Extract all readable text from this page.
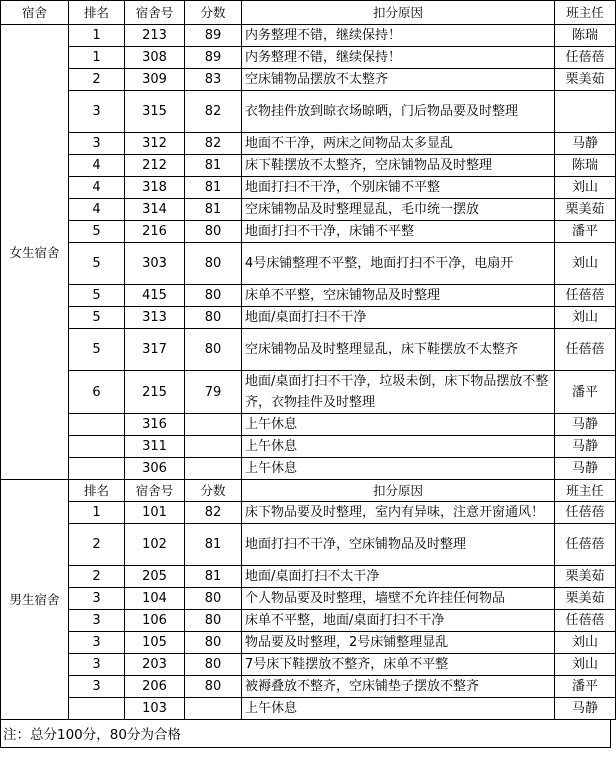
宿舍	排名	宿舍号	分数	扣分原因	班主任
女生宿舍	1	213	89	内务整理不错，继续保持！	陈瑞
	1	308	89	内务整理不错，继续保持！	任蓓蓓
	2	309	83	空床铺物品摆放不太整齐	栗美茹
	3	315	82	衣物挂件放到晾衣场晾晒，门后物品要及时整理	
	3	312	82	地面不干净，两床之间物品太多显乱	马静
	4	212	81	床下鞋摆放不太整齐，空床铺物品及时整理	陈瑞
	4	318	81	地面打扫不干净，个别床铺不平整	刘山
	4	314	81	空床铺物品及时整理显乱，毛巾统一摆放	栗美茹
	5	216	80	地面打扫不干净，床铺不平整	潘平
	5	303	80	4号床铺整理不平整，地面打扫不干净，电扇开	刘山
	5	415	80	床单不平整，空床铺物品及时整理	任蓓蓓
	5	313	80	地面/桌面打扫不干净	刘山
	5	317	80	空床铺物品及时整理显乱，床下鞋摆放不太整齐	任蓓蓓
	6	215	79	地面/桌面打扫不干净，垃圾未倒，床下物品摆放不整齐，衣物挂件及时整理	潘平
		316		上午休息	马静
		311		上午休息	马静
		306		上午休息	马静
男生宿舍	排名	宿舍号	分数	扣分原因	班主任
	1	101	82	床下物品要及时整理，室内有异味，注意开窗通风！	任蓓蓓
	2	102	81	地面打扫不干净，空床铺物品及时整理	任蓓蓓
	2	205	81	地面/桌面打扫不太干净	栗美茹
	3	104	80	个人物品要及时整理，墙壁不允许挂任何物品	栗美茹
	3	106	80	床单不平整，地面/桌面打扫不干净	任蓓蓓
	3	105	80	物品要及时整理，2号床铺整理显乱	刘山
	3	203	80	7号床下鞋摆放不整齐，床单不平整	刘山
	3	206	80	被褥叠放不整齐，空床铺垫子摆放不整齐	潘平
		103		上午休息	马静
注：总分100分，80分为合格
